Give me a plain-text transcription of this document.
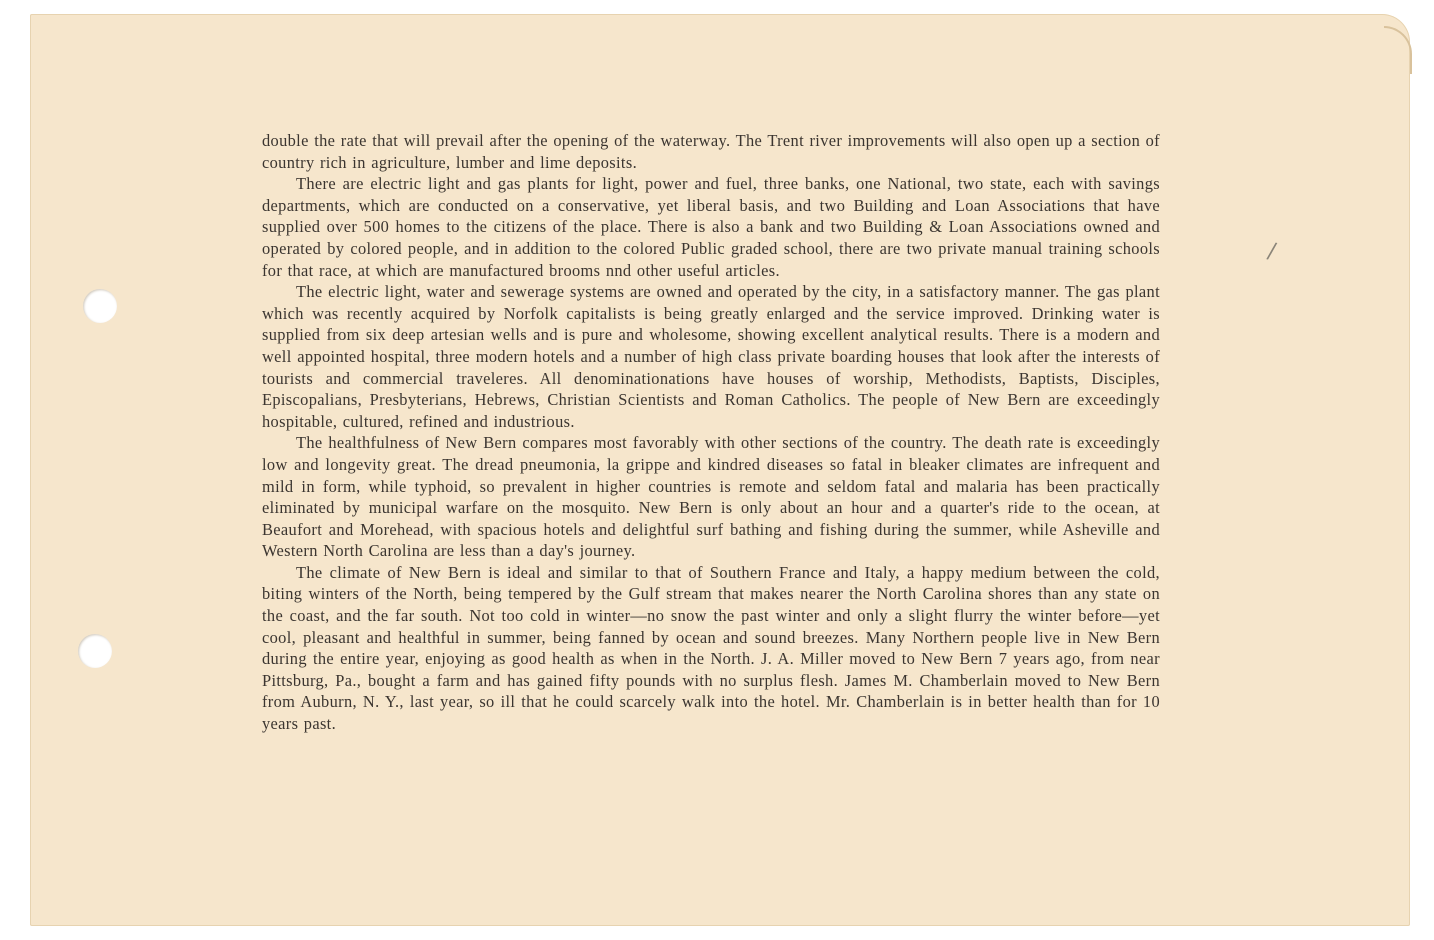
/

double the rate that will prevail after the opening of the waterway. The Trent river improvements will also open up a section of country rich in agriculture, lumber and lime deposits.

There are electric light and gas plants for light, power and fuel, three banks, one National, two state, each with savings departments, which are conducted on a conservative, yet liberal basis, and two Building and Loan Associations that have supplied over 500 homes to the citizens of the place. There is also a bank and two Building & Loan Associations owned and operated by colored people, and in addition to the colored Public graded school, there are two private manual training schools for that race, at which are manufactured brooms nnd other useful articles.

The electric light, water and sewerage systems are owned and operated by the city, in a satisfactory manner. The gas plant which was recently acquired by Norfolk capitalists is being greatly enlarged and the service improved. Drinking water is supplied from six deep artesian wells and is pure and wholesome, showing excellent analytical results. There is a modern and well appointed hospital, three modern hotels and a number of high class private boarding houses that look after the interests of tourists and commercial traveleres. All denominationations have houses of worship, Methodists, Baptists, Disciples, Episcopalians, Presbyterians, Hebrews, Christian Scientists and Roman Catholics. The people of New Bern are exceedingly hospitable, cultured, refined and industrious.

The healthfulness of New Bern compares most favorably with other sections of the country. The death rate is exceedingly low and longevity great. The dread pneumonia, la grippe and kindred diseases so fatal in bleaker climates are infrequent and mild in form, while typhoid, so prevalent in higher countries is remote and seldom fatal and malaria has been practically eliminated by municipal warfare on the mosquito. New Bern is only about an hour and a quarter's ride to the ocean, at Beaufort and Morehead, with spacious hotels and delightful surf bathing and fishing during the summer, while Asheville and Western North Carolina are less than a day's journey.

The climate of New Bern is ideal and similar to that of Southern France and Italy, a happy medium between the cold, biting winters of the North, being tempered by the Gulf stream that makes nearer the North Carolina shores than any state on the coast, and the far south. Not too cold in winter—no snow the past winter and only a slight flurry the winter before—yet cool, pleasant and healthful in summer, being fanned by ocean and sound breezes. Many Northern people live in New Bern during the entire year, enjoying as good health as when in the North. J. A. Miller moved to New Bern 7 years ago, from near Pittsburg, Pa., bought a farm and has gained fifty pounds with no surplus flesh. James M. Chamberlain moved to New Bern from Auburn, N. Y., last year, so ill that he could scarcely walk into the hotel. Mr. Chamberlain is in better health than for 10 years past.
